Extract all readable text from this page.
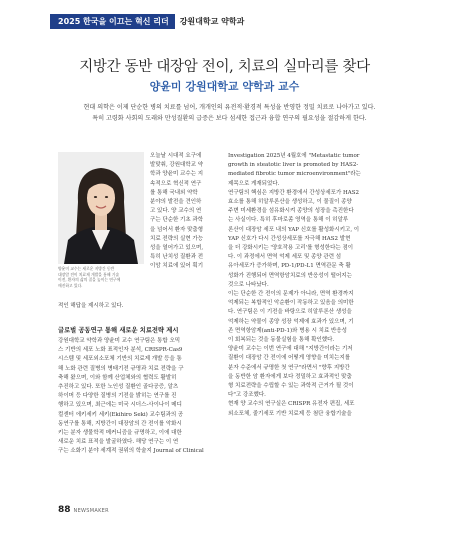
2025 한국을 이끄는 혁신 리더	강원대학교 약학과
지방간 동반 대장암 전이, 치료의 실마리를 찾다
양윤미 강원대학교 약학과 교수
현대 의학은 이제 단순한 병의 치료를 넘어, 개개인의 유전적·환경적 특성을 반영한 정밀 치료로 나아가고 있다.
특히 고령화 사회의 도래와 만성질환의 급증은 보다 섬세한 접근과 융합 연구의 필요성을 절감하게 한다.
양윤미 교수는 새로운 지방간 동반
대장암 전이 치료제 개발을 통해 기술
이전, 환자의 삶의 질을 높이는 연구에
매진하고 있다.
오늘날 시대적 요구에
발맞춰, 강원대학교 약
학과 양윤미 교수는 지
속적으로 혁신적 연구
를 통해 국내외 약학
분야의 발전을 견인하
고 있다. 양 교수의 연
구는 단순한 기초 과학
을 넘어서 환자 맞춤형
치료 전략의 실현 가능
성을 열어가고 있으며,
특히 난치성 질환과 전
이암 치료에 있어 획기
적인 해답을 제시하고 있다.
글로벌 공동연구 통해 새로운 치료전략 제시
강원대학교 약학과 양윤미 교수 연구팀은 통합 오믹
스 기반의 세포 노화 표적인자 분석, CRISPR-Cas9
시스템 및 세포외소포체 기반의 치료제 개발 등을 통
해 노화 관련 질병의 병태기전 규명과 치료 전략을 구
축해 왔으며, 이와 함께 산업체와의 협력도 활발히
추진하고 있다. 또한 노인성 질환인 골다공증, 알츠
하이머 등 다양한 질병의 기전을 밝히는 연구를 진
행하고 있으며, 최근에는 미국 시더스-사이나이 메디
컬센터 에키세키 세키(Ekihiro Seki) 교수팀과의 공
동연구를 통해, 지방간이 대장암의 간 전이를 악화시
키는 분자 생물학적 메커니즘을 규명하고, 이에 대한
새로운 치료 표적을 발굴하였다. 해당 연구는 이 연
구는 소화기 분야 세계적 권위의 학술지 Journal of Clinical
Investigation 2025년 4월호에 "Metastatic tumor
growth in steatotic liver is promoted by HAS2-
mediated fibrotic tumor microenvironment"라는
제목으로 게재되었다.
연구팀의 핵심은 지방간 환경에서 간성상세포가 HAS2
효소를 통해 히알루론산을 생성하고, 이 물질이 종양
주변 미세환경을 섬유화시켜 종양의 성장을 촉진한다
는 사실이다. 특히 후마로좀 영역을 통해 이 히알루
론산이 대장암 세포 내의 YAP 신호를 활성화시키고, 이
YAP 신호가 다시 간성상세포를 자극해 HAS2 발현
을 더 강화시키는 '양호작용 고리'를 형성한다는 점이
다. 이 과정에서 면역 억제 세포 및 종양 관련 섬
유아세포가 증가하며, PD-1/PD-L1 면역관문 축 활
성화가 진행되어 면역항암치료의 반응성이 떨어지는
것으로 나타났다.
이는 단순한 간 전이의 문제가 아니라, 면역 환경까지
억제되는 복합적인 악순환이 작동하고 있음을 의미한
다. 연구팀은 이 기전을 바탕으로 히알루론산 생성을
억제하는 약물이 종양 성장 억제에 효과가 있으며, 기
존 면역항암제(anti-PD-1)와 병용 시 치료 반응성
이 회복되는 것을 동물실험을 통해 확인했다.
양윤미 교수는 이번 연구에 대해 "지방간이라는 기저
질환이 대장암 간 전이에 어떻게 영향을 미치는지를
분자 수준에서 규명한 첫 연구"라면서 "향후 지방간
을 동반한 암 환자에게 보다 정밀하고 효과적인 맞춤
형 치료전략을 수립할 수 있는 과학적 근거가 될 것이
다"고 강조했다.
현재 양 교수의 연구실은 CRISPR 유전자 편집, 세포
외소포체, 줄기세포 기반 치료제 등 첨단 융합기술을
88 NEWSMAKER
